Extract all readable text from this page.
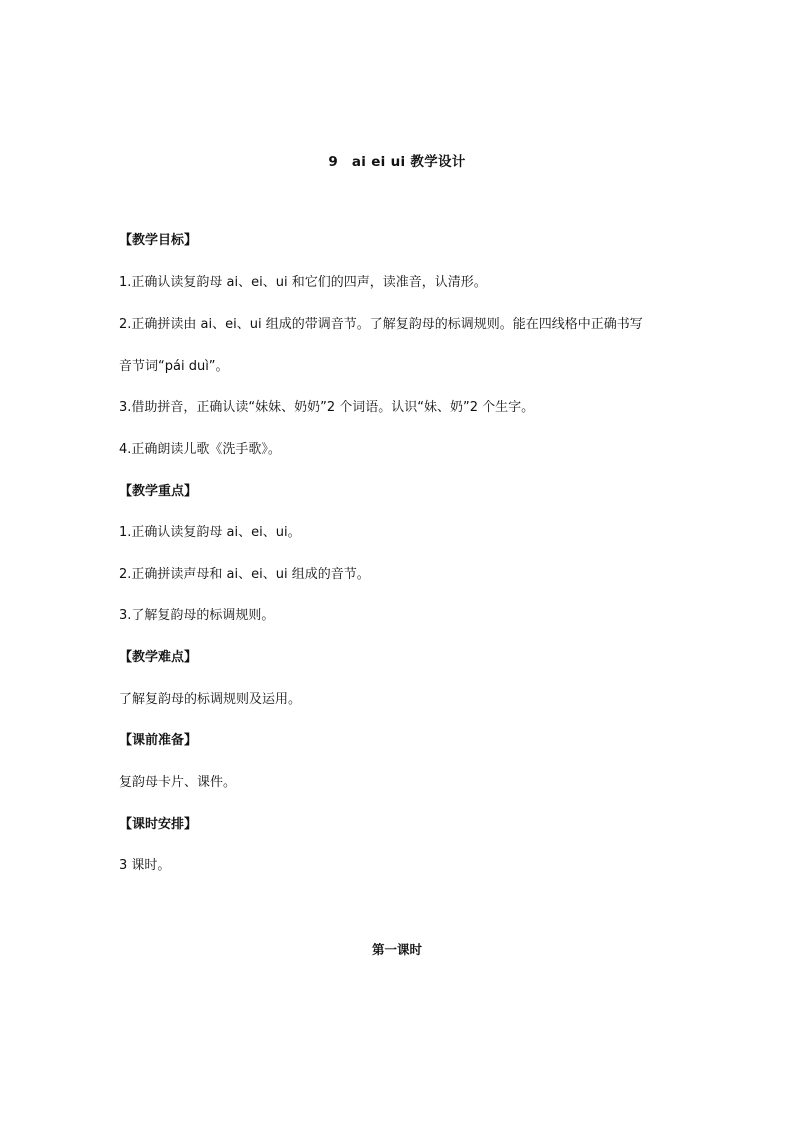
9　ai ei ui 教学设计
【教学目标】
1.正确认读复韵母 ai、ei、ui 和它们的四声，读准音，认清形。
2.正确拼读由 ai、ei、ui 组成的带调音节。了解复韵母的标调规则。能在四线格中正确书写
音节词“pái duì”。
3.借助拼音，正确认读“妹妹、奶奶”2 个词语。认识“妹、奶”2 个生字。
4.正确朗读儿歌《洗手歌》。
【教学重点】
1.正确认读复韵母 ai、ei、ui。
2.正确拼读声母和 ai、ei、ui 组成的音节。
3.了解复韵母的标调规则。
【教学难点】
了解复韵母的标调规则及运用。
【课前准备】
复韵母卡片、课件。
【课时安排】
3 课时。
第一课时
